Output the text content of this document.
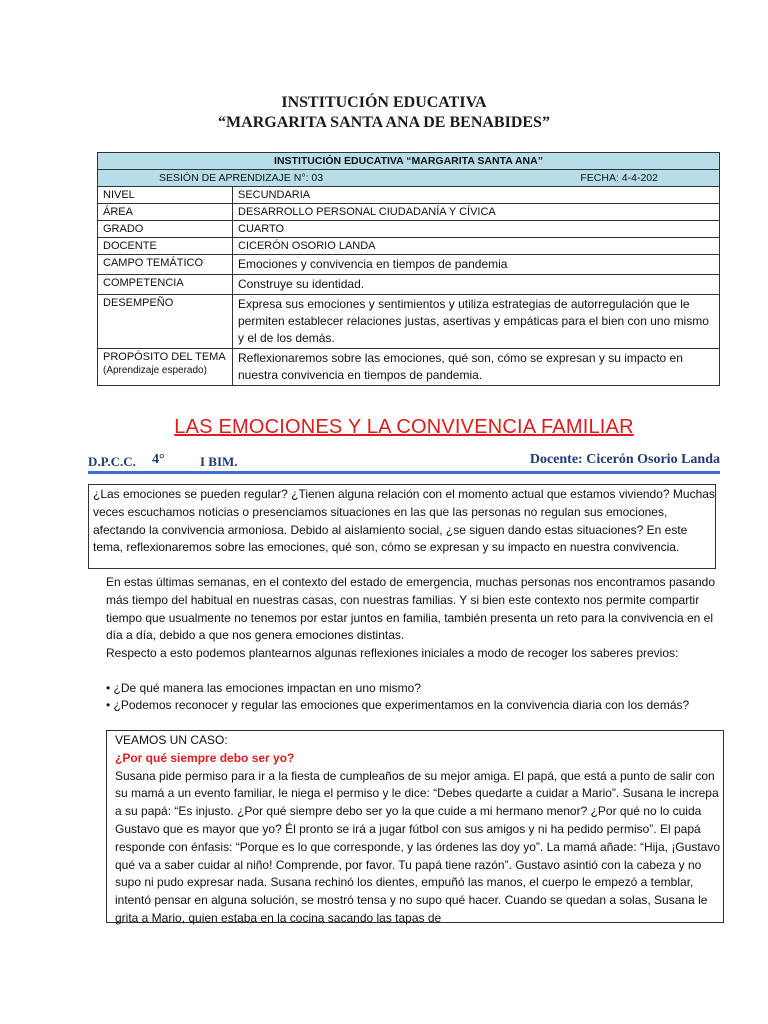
INSTITUCIÓN EDUCATIVA
“MARGARITA SANTA ANA DE BENABIDES”
INSTITUCIÓN EDUCATIVA “MARGARITA SANTA ANA”	

SESIÓN DE APRENDIZAJE N°: 03 FECHA: 4-4-202	

NIVEL	SECUNDARIA
ÁREA	DESARROLLO PERSONAL CIUDADANÍA Y CÍVICA
GRADO	CUARTO
DOCENTE	CICERÓN OSORIO LANDA
CAMPO TEMÁTICO	Emociones y convivencia en tiempos de pandemia
COMPETENCIA	Construye su identidad.
DESEMPEÑO	Expresa sus emociones y sentimientos y utiliza estrategias de autorregulación que le permiten establecer relaciones justas, asertivas y empáticas para el bien con uno mismo y el de los demás.
PROPÓSITO DEL TEMA
(Aprendizaje esperado)	Reflexionaremos sobre las emociones, qué son, cómo se expresan y su impacto en nuestra convivencia en tiempos de pandemia.
LAS EMOCIONES Y LA CONVIVENCIA FAMILIAR
D.P.C.C. 4°	I BIM.	Docente: Cicerón Osorio Landa
¿Las emociones se pueden regular? ¿Tienen alguna relación con el momento actual que estamos viviendo? Muchas veces escuchamos noticias o presenciamos situaciones en las que las personas no regulan sus emociones, afectando la convivencia armoniosa. Debido al aislamiento social, ¿se siguen dando estas situaciones? En este tema, reflexionaremos sobre las emociones, qué son, cómo se expresan y su impacto en nuestra convivencia.
En estas últimas semanas, en el contexto del estado de emergencia, muchas personas nos encontramos pasando más tiempo del habitual en nuestras casas, con nuestras familias. Y si bien este contexto nos permite compartir tiempo que usualmente no tenemos por estar juntos en familia, también presenta un reto para la convivencia en el día a día, debido a que nos genera emociones distintas.
Respecto a esto podemos plantearnos algunas reflexiones iniciales a modo de recoger los saberes previos:
• ¿De qué manera las emociones impactan en uno mismo?
• ¿Podemos reconocer y regular las emociones que experimentamos en la convivencia diaria con los demás?
VEAMOS UN CASO:
¿Por qué siempre debo ser yo?
Susana pide permiso para ir a la fiesta de cumpleaños de su mejor amiga. El papá, que está a punto de salir con su mamá a un evento familiar, le niega el permiso y le dice: “Debes quedarte a cuidar a Mario”. Susana le increpa a su papá: “Es injusto. ¿Por qué siempre debo ser yo la que cuide a mi hermano menor? ¿Por qué no lo cuida Gustavo que es mayor que yo? Él pronto se irá a jugar fútbol con sus amigos y ni ha pedido permiso”. El papá responde con énfasis: “Porque es lo que corresponde, y las órdenes las doy yo”. La mamá añade: “Hija, ¡Gustavo qué va a saber cuidar al niño! Comprende, por favor. Tu papá tiene razón”. Gustavo asintió con la cabeza y no supo ni pudo expresar nada. Susana rechinó los dientes, empuñó las manos, el cuerpo le empezó a temblar, intentó pensar en alguna solución, se mostró tensa y no supo qué hacer. Cuando se quedan a solas, Susana le grita a Mario, quien estaba en la cocina sacando las tapas de
